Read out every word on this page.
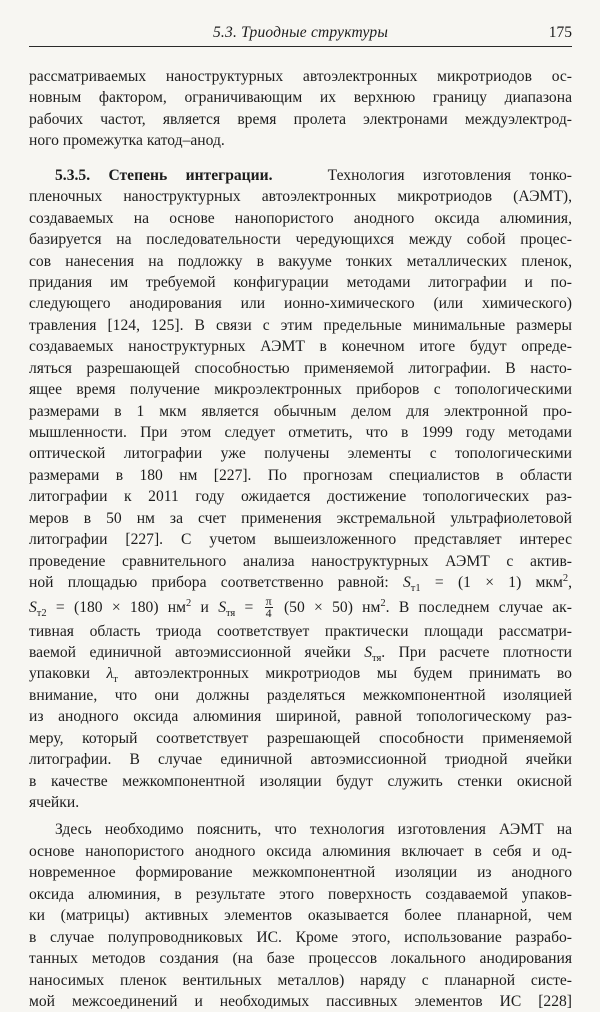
5.3. Триодные структуры	175
рассматриваемых наноструктурных автоэлектронных микротриодов ос-
новным фактором, ограничивающим их верхнюю границу диапазона
рабочих частот, является время пролета электронами междуэлектрод-
ного промежутка катод–анод.
5.3.5. Степень интеграции.	Технология изготовления тонко-
пленочных наноструктурных автоэлектронных микротриодов (АЭМТ),
создаваемых на основе нанопористого анодного оксида алюминия,
базируется на последовательности чередующихся между собой процес-
сов нанесения на подложку в вакууме тонких металлических пленок,
придания им требуемой конфигурации методами литографии и по-
следующего анодирования или ионно-химического (или химического)
травления [124, 125]. В связи с этим предельные минимальные размеры
создаваемых наноструктурных АЭМТ в конечном итоге будут опреде-
ляться разрешающей способностью применяемой литографии. В насто-
ящее время получение микроэлектронных приборов с топологическими
размерами в 1 мкм является обычным делом для электронной про-
мышленности. При этом следует отметить, что в 1999 году методами
оптической литографии уже получены элементы с топологическими
размерами в 180 нм [227]. По прогнозам специалистов в области
литографии к 2011 году ожидается достижение топологических раз-
меров в 50 нм за счет применения экстремальной ультрафиолетовой
литографии [227]. С учетом вышеизложенного представляет интерес
проведение сравнительного анализа наноструктурных АЭМТ с актив-
ной площадью прибора соответственно равной: $S_{т1} = (1 \times 1)$ мкм$^2$,
$S_{т2} = (180 \times 180)$ $нм^2$ и $S_{тя} = \frac{\pi}{4} (50 \times 50)$ $нм^2$. В последнем случае ак-
тивная область триода соответствует практически площади рассматри-
ваемой единичной автоэмиссионной ячейки $S_{тя}$. При расчете плотности
упаковки $\lambda_т$ автоэлектронных микротриодов мы будем принимать во
внимание, что они должны разделяться межкомпонентной изоляцией
из анодного оксида алюминия шириной, равной топологическому раз-
меру, который соответствует разрешающей способности применяемой
литографии. В случае единичной автоэмиссионной триодной ячейки
в качестве межкомпонентной изоляции будут служить стенки окисной
ячейки.
Здесь необходимо пояснить, что технология изготовления АЭМТ на
основе нанопористого анодного оксида алюминия включает в себя и од-
новременное формирование межкомпонентной изоляции из анодного
оксида алюминия, в результате этого поверхность создаваемой упаков-
ки (матрицы) активных элементов оказывается более планарной, чем
в случае полупроводниковых ИС. Кроме этого, использование разрабо-
танных методов создания (на базе процессов локального анодирования
наносимых пленок вентильных металлов) наряду с планарной систе-
мой межсоединений и необходимых пассивных элементов ИС [228]
